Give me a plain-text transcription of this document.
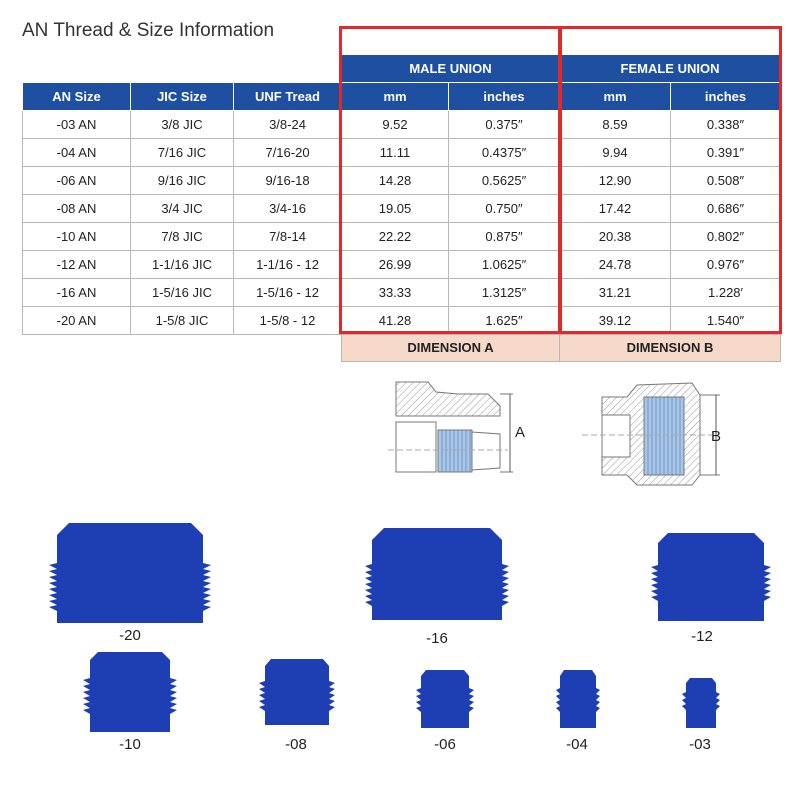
AN Thread & Size Information
			MALE UNION		FEMALE UNION	
AN Size	JIC Size	UNF Tread	mm	inches	mm	inches
-03 AN	3/8 JIC	3/8-24	9.52	0.375″	8.59	0.338″
-04 AN	7/16 JIC	7/16-20	11.11	0.4375″	9.94	0.391″
-06 AN	9/16 JIC	9/16-18	14.28	0.5625″	12.90	0.508″
-08 AN	3/4 JIC	3/4-16	19.05	0.750″	17.42	0.686″
-10 AN	7/8 JIC	7/8-14	22.22	0.875″	20.38	0.802″
-12 AN	1-1/16 JIC	1-1/16 - 12	26.99	1.0625″	24.78	0.976″
-16 AN	1-5/16 JIC	1-5/16 - 12	33.33	1.3125″	31.21	1.228′
-20 AN	1-5/8 JIC	1-5/8 - 12	41.28	1.625″	39.12	1.540″
			DIMENSION A		DIMENSION B	
A	B
-20	-16	-12
-10	-08	-06	-04	-03
